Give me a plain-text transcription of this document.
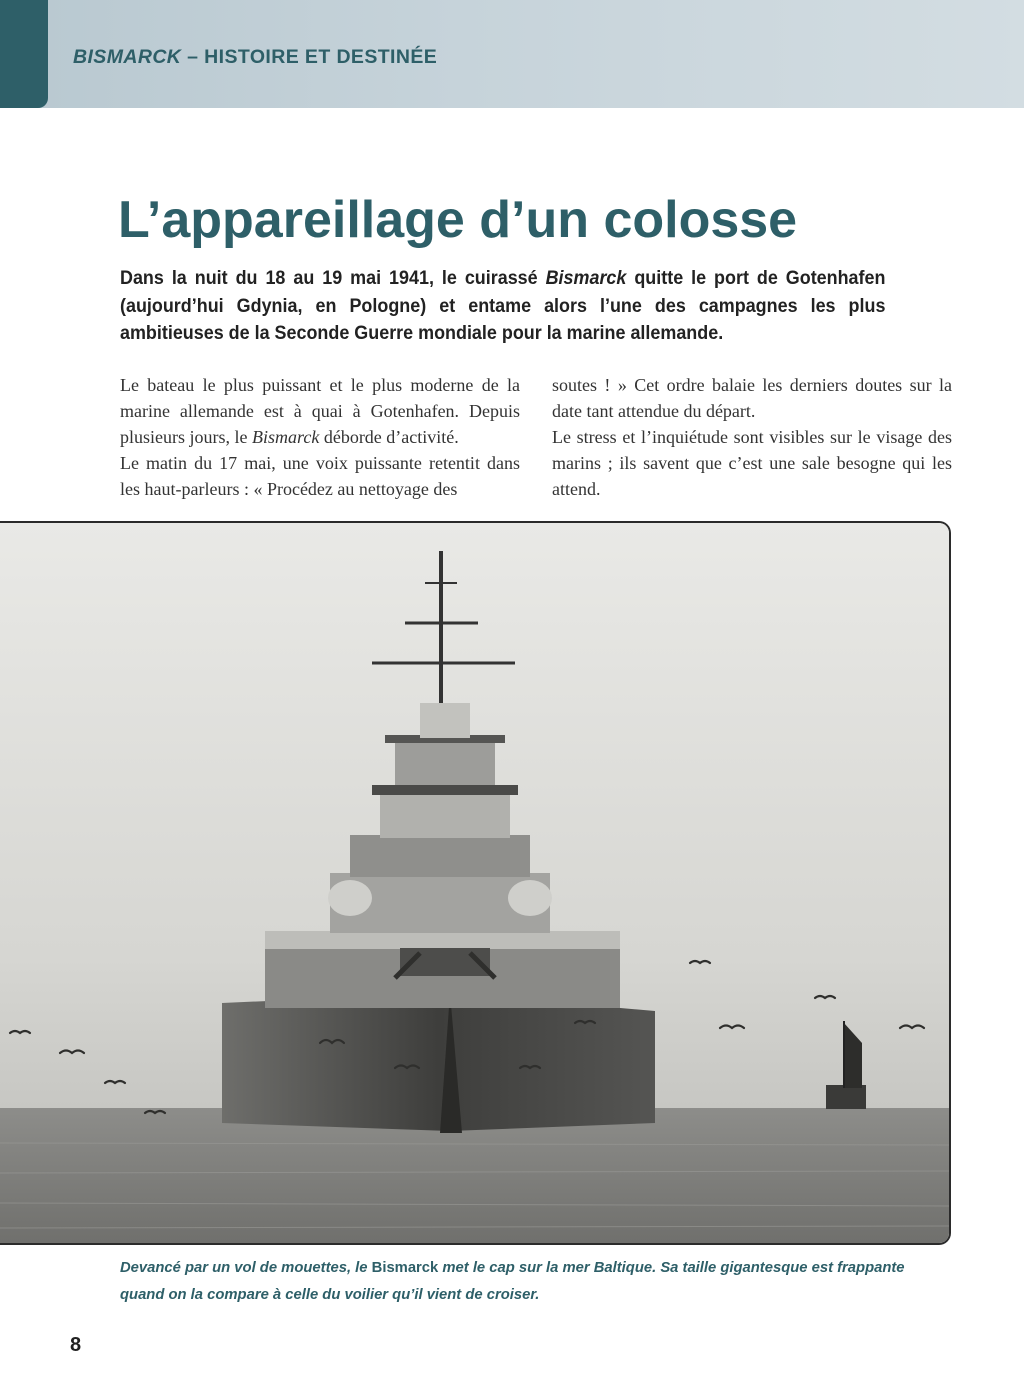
BISMARCK – HISTOIRE ET DESTINÉE
L’appareillage d’un colosse
Dans la nuit du 18 au 19 mai 1941, le cuirassé Bismarck quitte le port de Gotenhafen (aujourd’hui Gdynia, en Pologne) et entame alors l’une des campagnes les plus ambitieuses de la Seconde Guerre mondiale pour la marine allemande.

Le bateau le plus puissant et le plus moderne de la marine allemande est à quai à Gotenhafen. Depuis plusieurs jours, le Bismarck déborde d’activité.

Le matin du 17 mai, une voix puissante retentit dans les haut-parleurs : « Procédez au nettoyage des

soutes ! » Cet ordre balaie les derniers doutes sur la date tant attendue du départ.

Le stress et l’inquiétude sont visibles sur le visage des marins ; ils savent que c’est une sale besogne qui les attend.

Devancé par un vol de mouettes, le Bismarck met le cap sur la mer Baltique. Sa taille gigantesque est frappante quand on la compare à celle du voilier qu’il vient de croiser.
8
